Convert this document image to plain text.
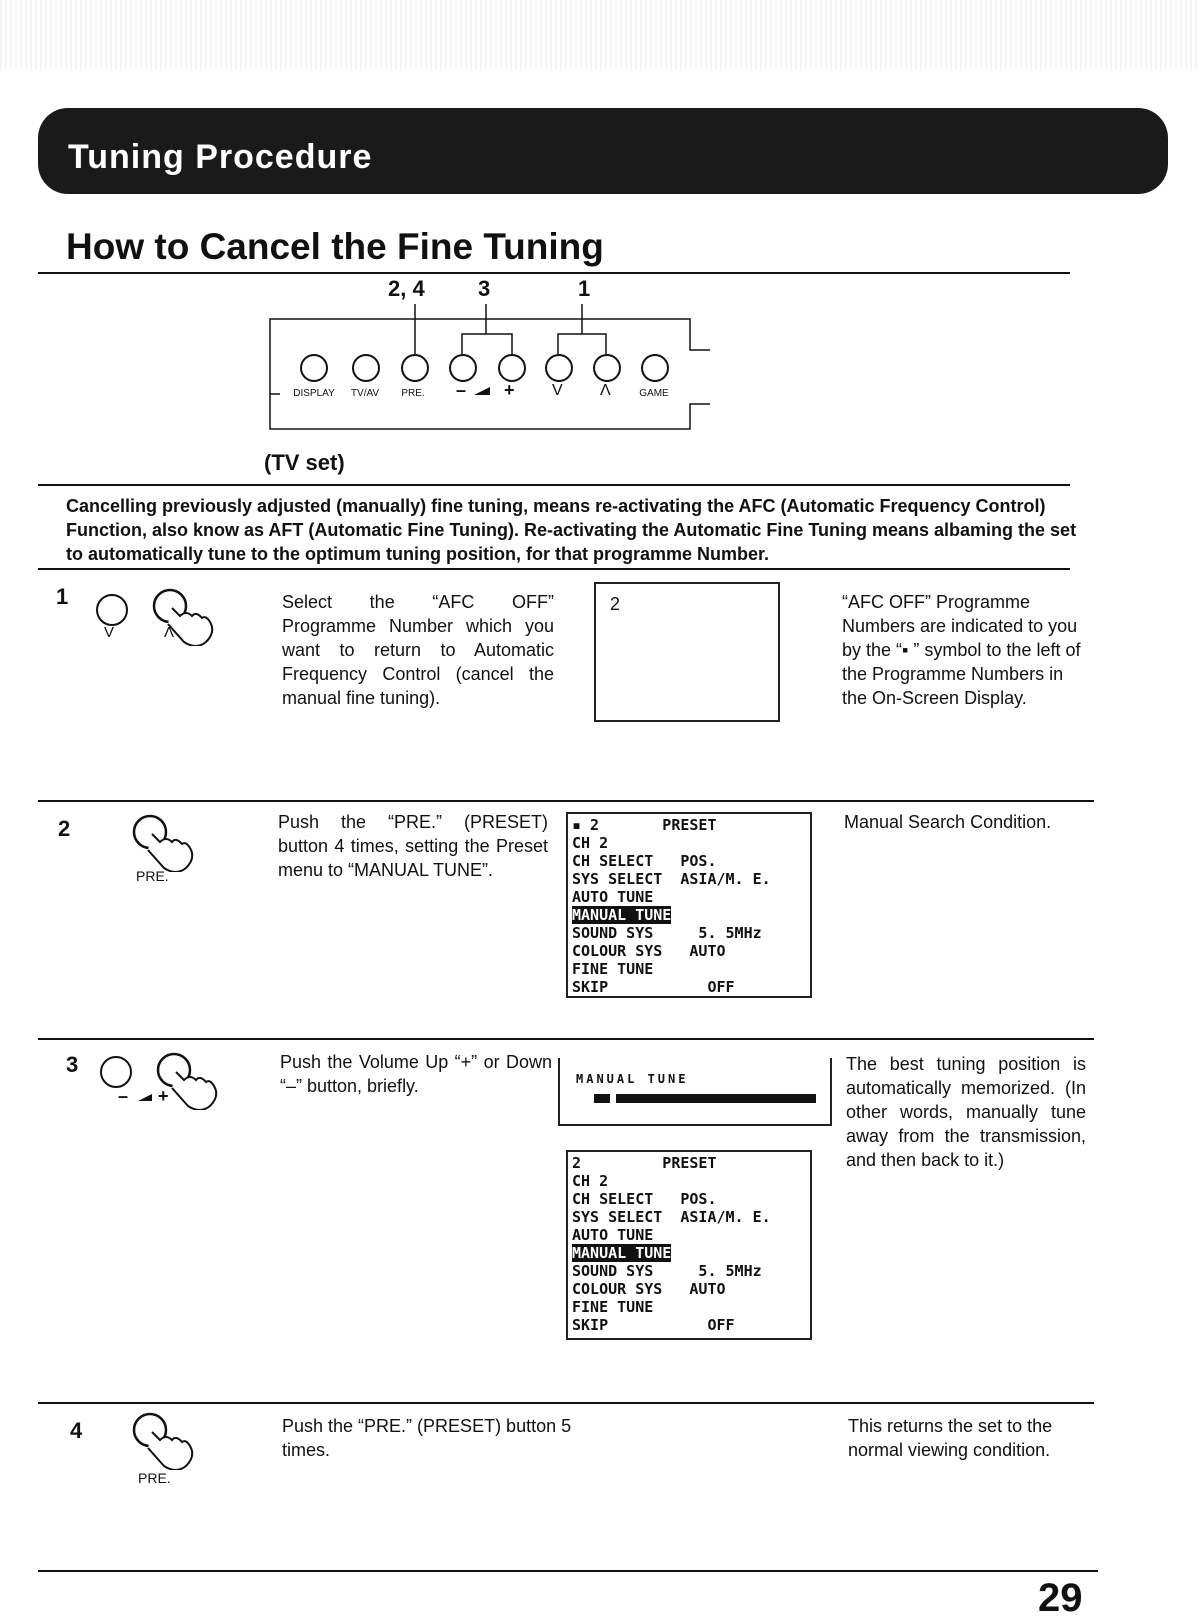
Tuning Procedure
How to Cancel the Fine Tuning
2, 4 3	1
DISPLAY	TV/AV	PRE.	– + V Λ	GAME
(TV set)
Cancelling previously adjusted (manually) fine tuning, means re-activating the AFC (Automatic Frequency Control) Function, also know as AFT (Automatic Fine Tuning). Re-activating the Automatic Fine Tuning means albaming the set to automatically tune to the optimum tuning position, for that programme Number.
1
V	Λ
Select the “AFC OFF” Programme Number which you want to return to Automatic Frequency Control (cancel the manual fine tuning).
2	“AFC OFF” Programme Numbers are indicated to you by the “▪ ” symbol to the left of the Programme Numbers in the On-Screen Display.
2
PRE.
Push the “PRE.” (PRESET) button 4 times, setting the Preset menu to “MANUAL TUNE”.
▪ 2       PRESET
CH 2
CH SELECT   POS.
SYS SELECT  ASIA/M. E.
AUTO TUNE
MANUAL TUNE
SOUND SYS     5. 5MHz
COLOUR SYS   AUTO
FINE TUNE
SKIP           OFF
Manual Search Condition.
3
– +
Push the Volume Up “+” or Down “–” button, briefly.	MANUAL TUNE
2         PRESET
CH 2
CH SELECT   POS.
SYS SELECT  ASIA/M. E.
AUTO TUNE
MANUAL TUNE
SOUND SYS     5. 5MHz
COLOUR SYS   AUTO
FINE TUNE
SKIP           OFF
The best tuning position is automatically memorized. (In other words, manually tune away from the transmission, and then back to it.)
4
PRE.
Push the “PRE.” (PRESET) button 5 times.
This returns the set to the normal viewing condition.
29
